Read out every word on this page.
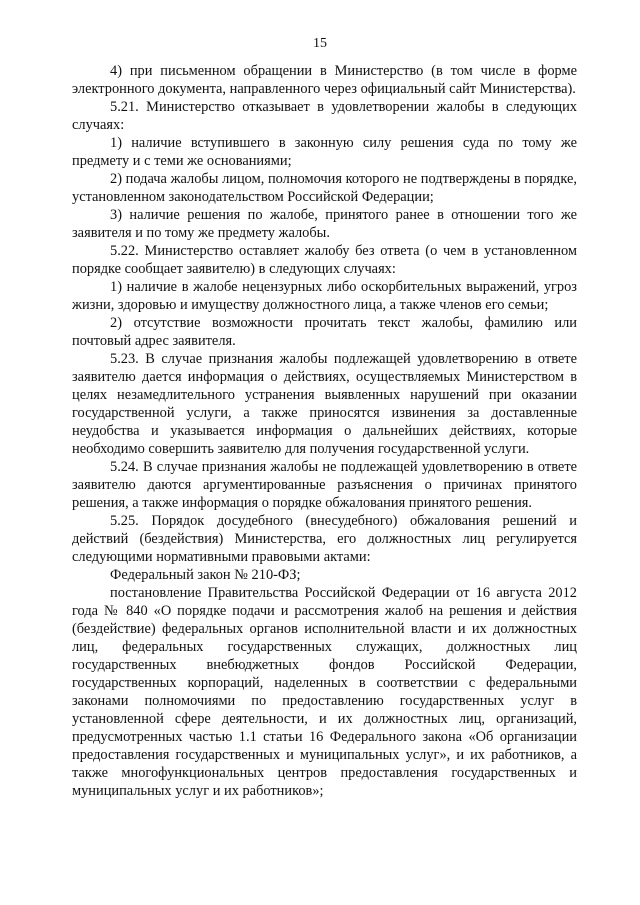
15

4) при письменном обращении в Министерство (в том числе в форме электронного документа, направленного через официальный сайт Министерства).

5.21. Министерство отказывает в удовлетворении жалобы в следующих случаях:

1) наличие вступившего в законную силу решения суда по тому же предмету и с теми же основаниями;

2) подача жалобы лицом, полномочия которого не подтверждены в порядке, установленном законодательством Российской Федерации;

3) наличие решения по жалобе, принятого ранее в отношении того же заявителя и по тому же предмету жалобы.

5.22. Министерство оставляет жалобу без ответа (о чем в установленном порядке сообщает заявителю) в следующих случаях:

1) наличие в жалобе нецензурных либо оскорбительных выражений, угроз жизни, здоровью и имуществу должностного лица, а также членов его семьи;

2) отсутствие возможности прочитать текст жалобы, фамилию или почтовый адрес заявителя.

5.23. В случае признания жалобы подлежащей удовлетворению в ответе заявителю дается информация о действиях, осуществляемых Министерством в целях незамедлительного устранения выявленных нарушений при оказании государственной услуги, а также приносятся извинения за доставленные неудобства и указывается информация о дальнейших действиях, которые необходимо совершить заявителю для получения государственной услуги.

5.24. В случае признания жалобы не подлежащей удовлетворению в ответе заявителю даются аргументированные разъяснения о причинах принятого решения, а также информация о порядке обжалования принятого решения.

5.25. Порядок досудебного (внесудебного) обжалования решений и действий (бездействия) Министерства, его должностных лиц регулируется следующими нормативными правовыми актами:

Федеральный закон № 210-ФЗ;

постановление Правительства Российской Федерации от 16 августа 2012 года № 840 «О порядке подачи и рассмотрения жалоб на решения и действия (бездействие) федеральных органов исполнительной власти и их должностных лиц, федеральных государственных служащих, должностных лиц государственных внебюджетных фондов Российской Федерации, государственных корпораций, наделенных в соответствии с федеральными законами полномочиями по предоставлению государственных услуг в установленной сфере деятельности, и их должностных лиц, организаций, предусмотренных частью 1.1 статьи 16 Федерального закона «Об организации предоставления государственных и муниципальных услуг», и их работников, а также многофункциональных центров предоставления государственных и муниципальных услуг и их работников»;
